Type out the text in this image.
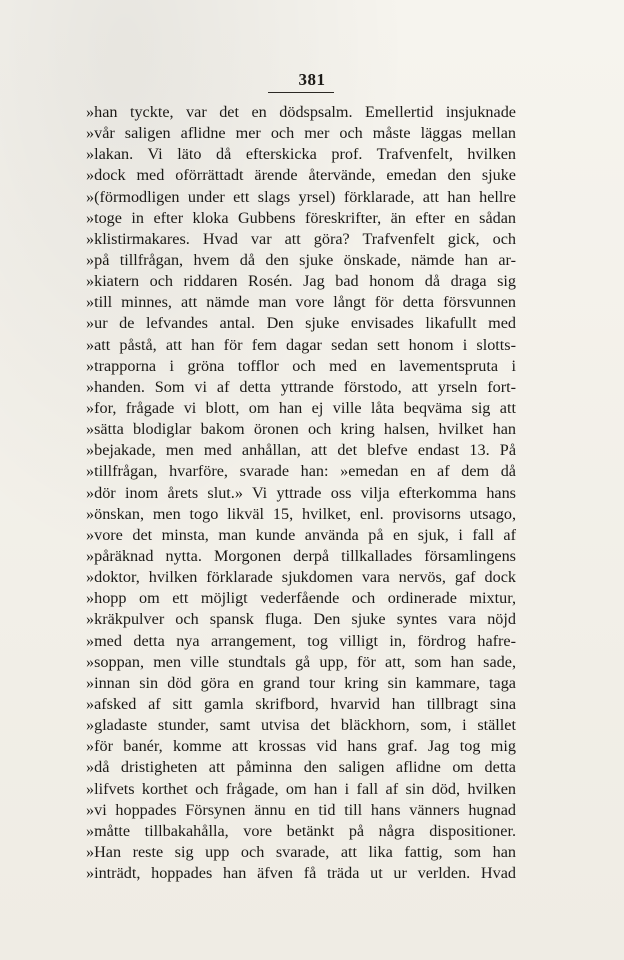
381
»han tyckte, var det en dödspsalm. Emellertid insjuknade
»vår saligen aflidne mer och mer och måste läggas mellan
»lakan. Vi läto då efterskicka prof. Trafvenfelt, hvilken
»dock med oförrättadt ärende återvände, emedan den sjuke
»(förmodligen under ett slags yrsel) förklarade, att han hellre
»toge in efter kloka Gubbens föreskrifter, än efter en sådan
»klistirmakares. Hvad var att göra? Trafvenfelt gick, och
»på tillfrågan, hvem då den sjuke önskade, nämde han ar-
»kiatern och riddaren Rosén. Jag bad honom då draga sig
»till minnes, att nämde man vore långt för detta försvunnen
»ur de lefvandes antal. Den sjuke envisades likafullt med
»att påstå, att han för fem dagar sedan sett honom i slotts-
»trapporna i gröna tofflor och med en lavementspruta i
»handen. Som vi af detta yttrande förstodo, att yrseln fort-
»for, frågade vi blott, om han ej ville låta beqväma sig att
»sätta blodiglar bakom öronen och kring halsen, hvilket han
»bejakade, men med anhållan, att det blefve endast 13. På
»tillfrågan, hvarföre, svarade han: »emedan en af dem då
»dör inom årets slut.» Vi yttrade oss vilja efterkomma hans
»önskan, men togo likväl 15, hvilket, enl. provisorns utsago,
»vore det minsta, man kunde använda på en sjuk, i fall af
»påräknad nytta. Morgonen derpå tillkallades församlingens
»doktor, hvilken förklarade sjukdomen vara nervös, gaf dock
»hopp om ett möjligt vederfående och ordinerade mixtur,
»kräkpulver och spansk fluga. Den sjuke syntes vara nöjd
»med detta nya arrangement, tog villigt in, fördrog hafre-
»soppan, men ville stundtals gå upp, för att, som han sade,
»innan sin död göra en grand tour kring sin kammare, taga
»afsked af sitt gamla skrifbord, hvarvid han tillbragt sina
»gladaste stunder, samt utvisa det bläckhorn, som, i stället
»för banér, komme att krossas vid hans graf. Jag tog mig
»då dristigheten att påminna den saligen aflidne om detta
»lifvets korthet och frågade, om han i fall af sin död, hvilken
»vi hoppades Försynen ännu en tid till hans vänners hugnad
»måtte tillbakahålla, vore betänkt på några dispositioner.
»Han reste sig upp och svarade, att lika fattig, som han
»inträdt, hoppades han äfven få träda ut ur verlden. Hvad
